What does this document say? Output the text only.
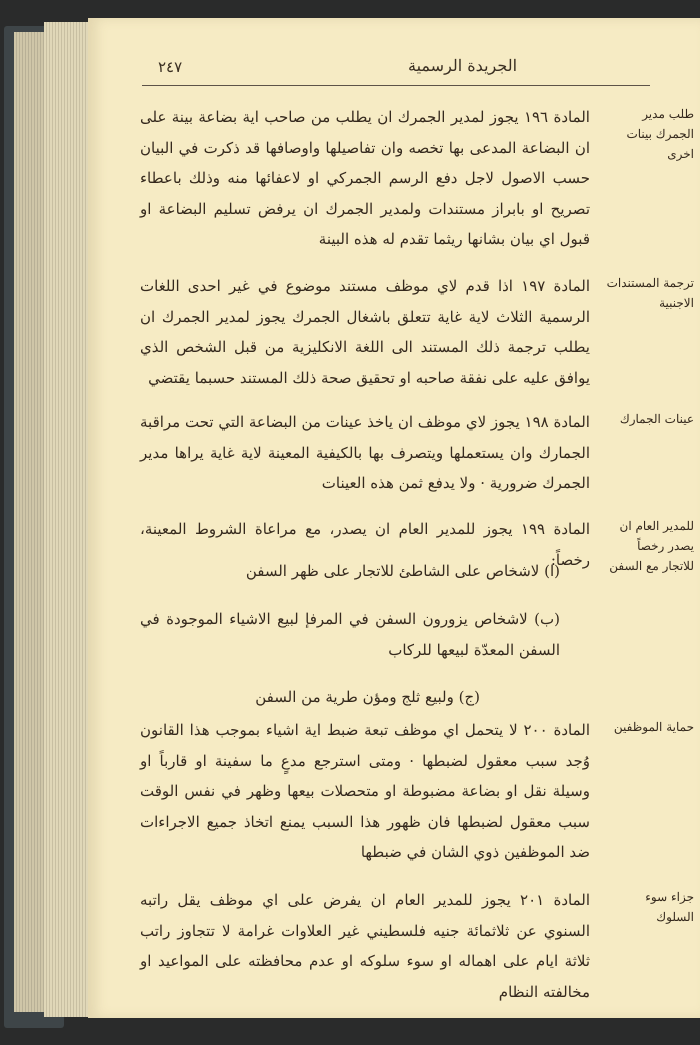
٢٤٧	الجريدة الرسمية
طلب مدير الجمرك بينات اخرى
المادة ١٩٦ يجوز لمدير الجمرك ان يطلب من صاحب اية بضاعة بينة على ان البضاعة المدعى بها تخصه وان تفاصيلها واوصافها قد ذكرت في البيان حسب الاصول لاجل دفع الرسم الجمركي او لاعفائها منه وذلك باعطاء تصريح او بابراز مستندات ولمدير الجمرك ان يرفض تسليم البضاعة او قبول اي بيان بشانها ريثما تقدم له هذه البينة
ترجمة المستندات الاجنبية
المادة ١٩٧ اذا قدم لاي موظف مستند موضوع في غير احدى اللغات الرسمية الثلاث لاية غاية تتعلق باشغال الجمرك يجوز لمدير الجمرك ان يطلب ترجمة ذلك المستند الى اللغة الانكليزية من قبل الشخص الذي يوافق عليه على نفقة صاحبه او تحقيق صحة ذلك المستند حسبما يقتضي
عينات الجمارك
المادة ١٩٨ يجوز لاي موظف ان ياخذ عينات من البضاعة التي تحت مراقبة الجمارك وان يستعملها ويتصرف بها بالكيفية المعينة لاية غاية يراها مدير الجمرك ضرورية · ولا يدفع ثمن هذه العينات
للمدير العام ان يصدر رخصاً للاتجار مع السفن
المادة ١٩٩ يجوز للمدير العام ان يصدر، مع مراعاة الشروط المعينة، رخصاً:
(ا) لاشخاص على الشاطئ للاتجار على ظهر السفن
(ب) لاشخاص يزورون السفن في المرفإ لبيع الاشياء الموجودة في السفن المعدّة لبيعها للركاب
(ج) ولبيع ثلج ومؤن طرية من السفن
حماية الموظفين
المادة ٢٠٠ لا يتحمل اي موظف تبعة ضبط اية اشياء بموجب هذا القانون وُجد سبب معقول لضبطها · ومتى استرجع مدعٍ ما سفينة او قارباً او وسيلة نقل او بضاعة مضبوطة او متحصلات بيعها وظهر في نفس الوقت سبب معقول لضبطها فان ظهور هذا السبب يمنع اتخاذ جميع الاجراءات ضد الموظفين ذوي الشان في ضبطها
جزاء سوء السلوك
المادة ٢٠١ يجوز للمدير العام ان يفرض على اي موظف يقل راتبه السنوي عن ثلاثمائة جنيه فلسطيني غير العلاوات غرامة لا تتجاوز راتب ثلاثة ايام على اهماله او سوء سلوكه او عدم محافظته على المواعيد او مخالفته النظام
